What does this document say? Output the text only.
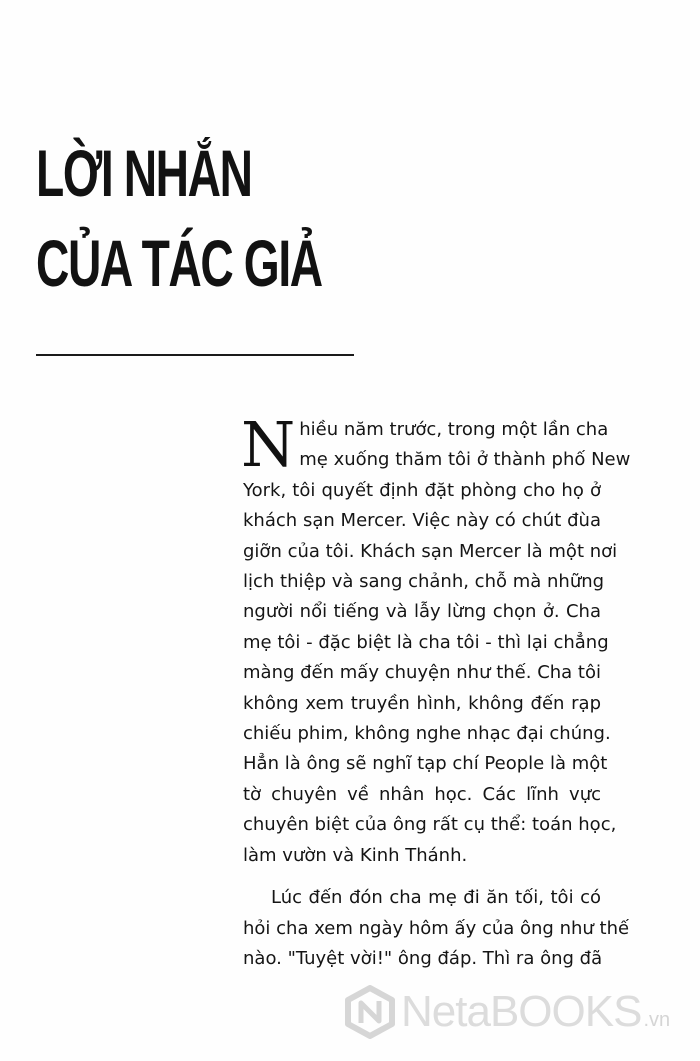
LỜI NHẮN
CỦA TÁC GIẢ
N hiều năm trước, trong một lần cha
mẹ xuống thăm tôi ở thành phố New
York, tôi quyết định đặt phòng cho họ ở
khách sạn Mercer. Việc này có chút đùa
giỡn của tôi. Khách sạn Mercer là một nơi
lịch thiệp và sang chảnh, chỗ mà những
người nổi tiếng và lẫy lừng chọn ở. Cha
mẹ tôi - đặc biệt là cha tôi - thì lại chẳng
màng đến mấy chuyện như thế. Cha tôi
không xem truyền hình, không đến rạp
chiếu phim, không nghe nhạc đại chúng.
Hẳn là ông sẽ nghĩ tạp chí People là một
tờ chuyên về nhân học. Các lĩnh vực
chuyên biệt của ông rất cụ thể: toán học,
làm vườn và Kinh Thánh.
Lúc đến đón cha mẹ đi ăn tối, tôi có
hỏi cha xem ngày hôm ấy của ông như thế
nào. "Tuyệt vời!" ông đáp. Thì ra ông đã
NetaBOOKS .vn
